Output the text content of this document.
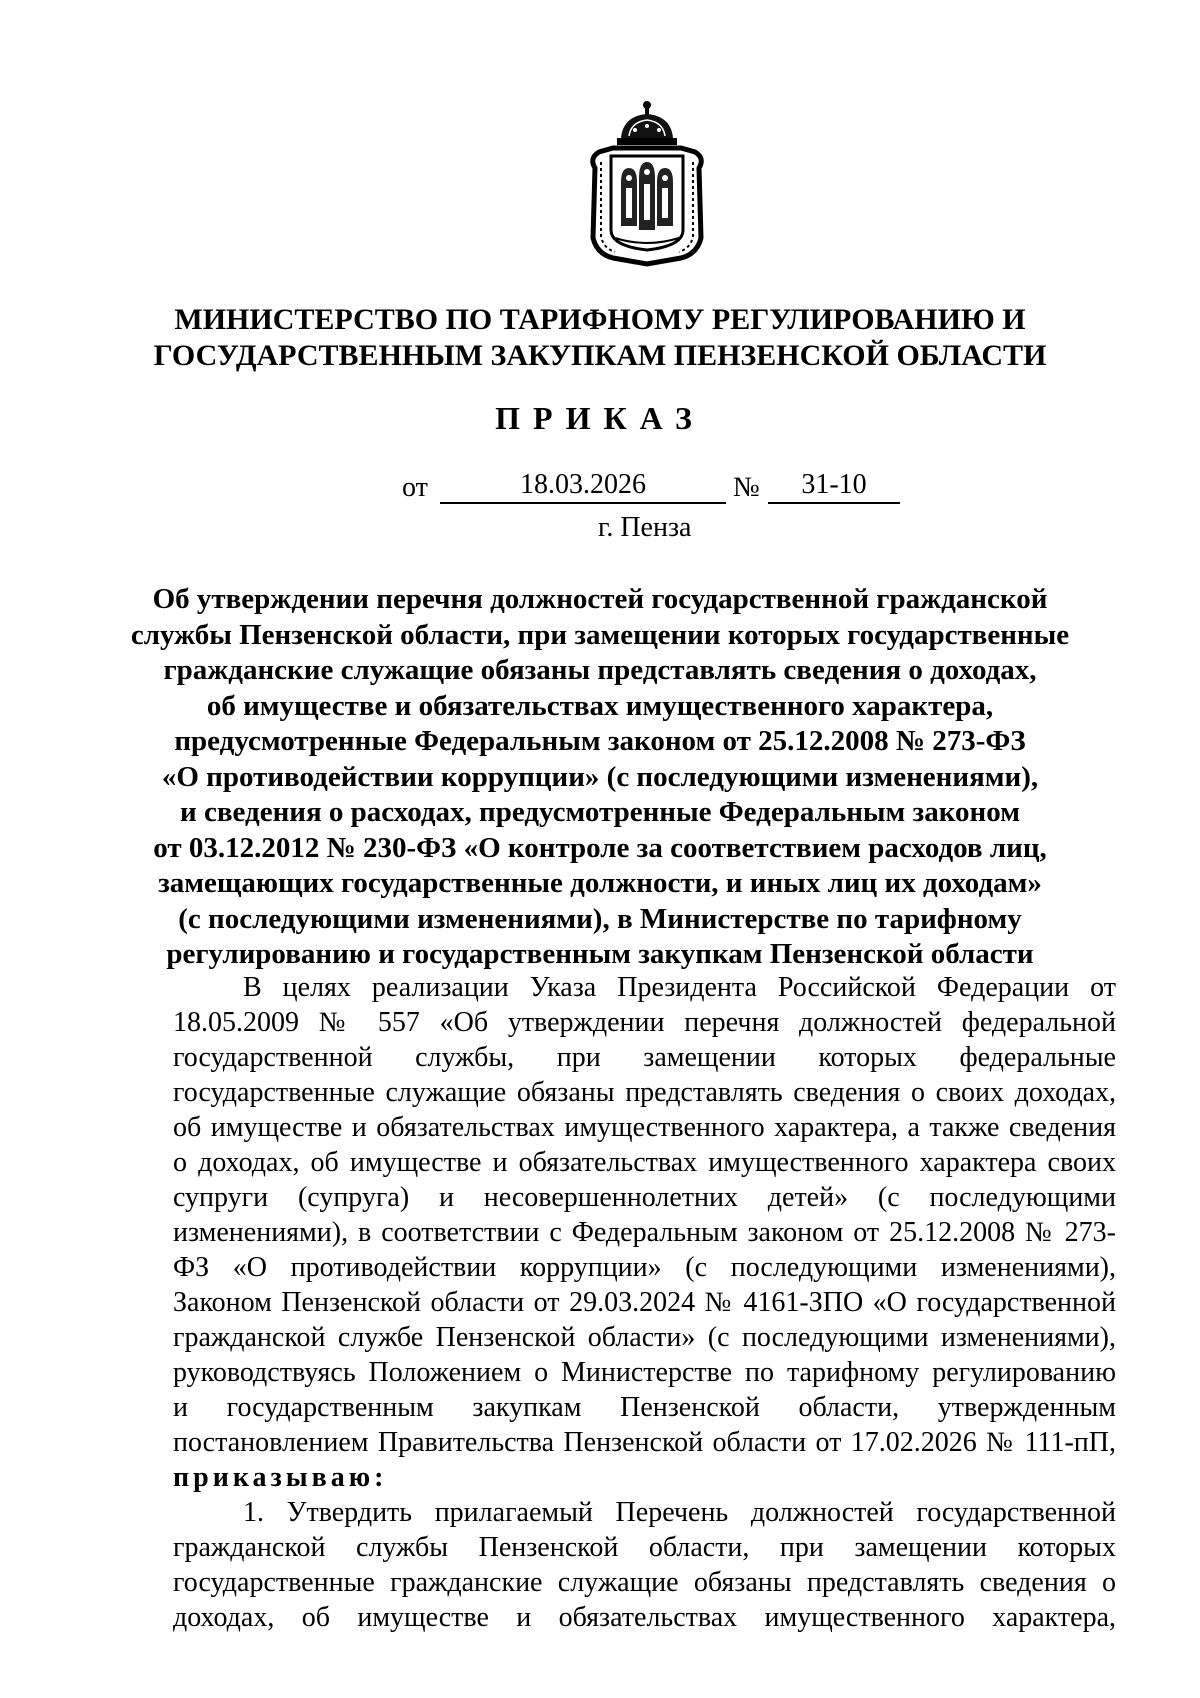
МИНИСТЕРСТВО ПО ТАРИФНОМУ РЕГУЛИРОВАНИЮ И
ГОСУДАРСТВЕННЫМ ЗАКУПКАМ ПЕНЗЕНСКОЙ ОБЛАСТИ
ПРИКАЗ
от	18.03.2026	№	31-10
г. Пенза
Об утверждении перечня должностей государственной гражданской
службы Пензенской области, при замещении которых государственные
гражданские служащие обязаны представлять сведения о доходах,
об имуществе и обязательствах имущественного характера,
предусмотренные Федеральным законом от 25.12.2008 № 273-ФЗ
«О противодействии коррупции» (с последующими изменениями),
и сведения о расходах, предусмотренные Федеральным законом
от 03.12.2012 № 230-ФЗ «О контроле за соответствием расходов лиц,
замещающих государственные должности, и иных лиц их доходам»
(с последующими изменениями), в Министерстве по тарифному
регулированию и государственным закупкам Пензенской области
В целях реализации Указа Президента Российской Федерации от
18.05.2009 № 557 «Об утверждении перечня должностей федеральной
государственной службы, при замещении которых федеральные
государственные служащие обязаны представлять сведения о своих доходах,
об имуществе и обязательствах имущественного характера, а также сведения
о доходах, об имуществе и обязательствах имущественного характера своих
супруги (супруга) и несовершеннолетних детей» (с последующими
изменениями), в соответствии с Федеральным законом от 25.12.2008 № 273-
ФЗ «О противодействии коррупции» (с последующими изменениями),
Законом Пензенской области от 29.03.2024 № 4161-ЗПО «О государственной
гражданской службе Пензенской области» (с последующими изменениями),
руководствуясь Положением о Министерстве по тарифному регулированию
и государственным закупкам Пензенской области, утвержденным
постановлением Правительства Пензенской области от 17.02.2026 № 111-пП,
приказываю:
1. Утвердить прилагаемый Перечень должностей государственной
гражданской службы Пензенской области, при замещении которых
государственные гражданские служащие обязаны представлять сведения о
доходах, об имуществе и обязательствах имущественного характера,
